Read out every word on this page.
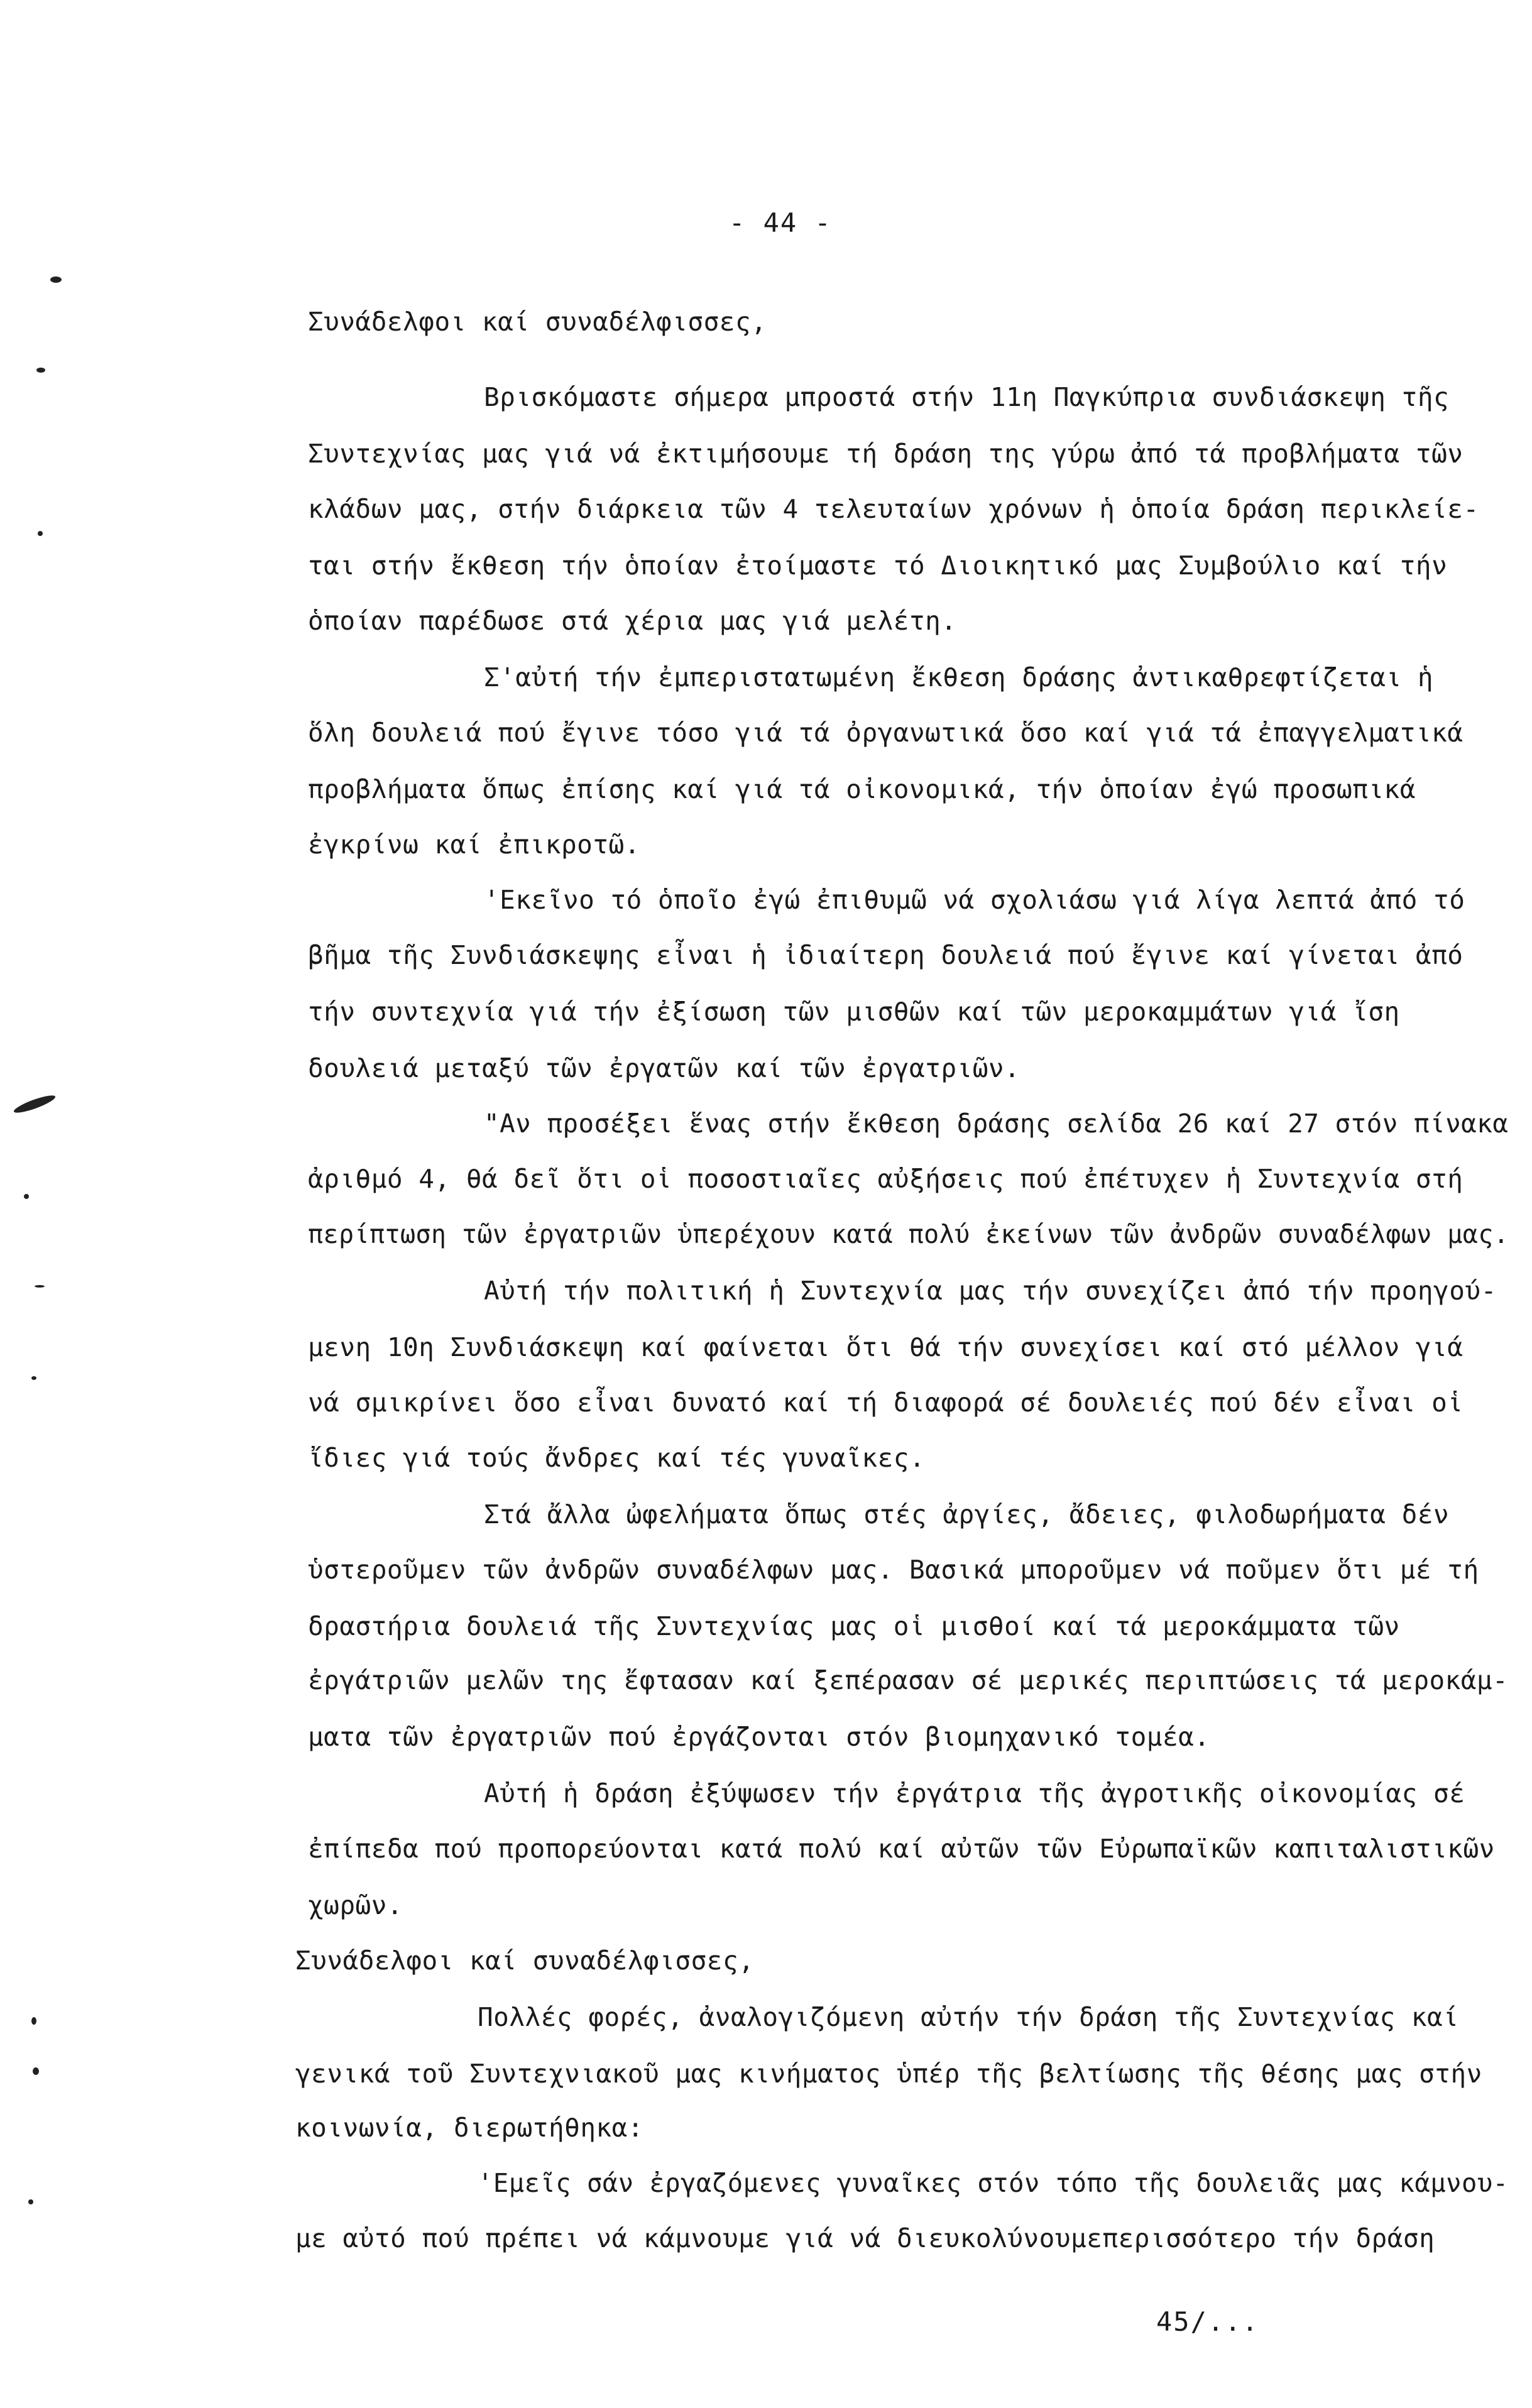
- 44 -
Συνάδελφοι καί συναδέλφισσες,
Βρισκόμαστε σήμερα μπροστά στήν 11η Παγκύπρια συνδιάσκεψη τῆς
Συντεχνίας μας γιά νά ἐκτιμήσουμε τή δράση της γύρω ἀπό τά προβλήματα τῶν
κλάδων μας, στήν διάρκεια τῶν 4 τελευταίων χρόνων ἡ ὁποία δράση περικλείε-
ται στήν ἔκθεση τήν ὁποίαν ἐτοίμαστε τό Διοικητικό μας Συμβούλιο καί τήν
ὁποίαν παρέδωσε στά χέρια μας γιά μελέτη.
Σ'αὐτή τήν ἐμπεριστατωμένη ἔκθεση δράσης ἀντικαθρεφτίζεται ἡ
ὅλη δουλειά πού ἔγινε τόσο γιά τά ὀργανωτικά ὅσο καί γιά τά ἐπαγγελματικά
προβλήματα ὅπως ἐπίσης καί γιά τά οἰκονομικά, τήν ὁποίαν ἐγώ προσωπικά
ἐγκρίνω καί ἐπικροτῶ.
'Εκεῖνο τό ὁποῖο ἐγώ ἐπιθυμῶ νά σχολιάσω γιά λίγα λεπτά ἀπό τό
βῆμα τῆς Συνδιάσκεψης εἶναι ἡ ἰδιαίτερη δουλειά πού ἔγινε καί γίνεται ἀπό
τήν συντεχνία γιά τήν ἐξίσωση τῶν μισθῶν καί τῶν μεροκαμμάτων γιά ἴση
δουλειά μεταξύ τῶν ἐργατῶν καί τῶν ἐργατριῶν.
"Αν προσέξει ἕνας στήν ἔκθεση δράσης σελίδα 26 καί 27 στόν πίνακα
ἀριθμό 4, θά δεῖ ὅτι οἱ ποσοστιαῖες αὐξήσεις πού ἐπέτυχεν ἡ Συντεχνία στή
περίπτωση τῶν ἐργατριῶν ὑπερέχουν κατά πολύ ἐκείνων τῶν ἀνδρῶν συναδέλφων μας.
Αὐτή τήν πολιτική ἡ Συντεχνία μας τήν συνεχίζει ἀπό τήν προηγού-
μενη 10η Συνδιάσκεψη καί φαίνεται ὅτι θά τήν συνεχίσει καί στό μέλλον γιά
νά σμικρίνει ὅσο εἶναι δυνατό καί τή διαφορά σέ δουλειές πού δέν εἶναι οἱ
ἴδιες γιά τούς ἄνδρες καί τές γυναῖκες.
Στά ἄλλα ὠφελήματα ὅπως στές ἀργίες, ἄδειες, φιλοδωρήματα δέν
ὑστεροῦμεν τῶν ἀνδρῶν συναδέλφων μας. Βασικά μποροῦμεν νά ποῦμεν ὅτι μέ τή
δραστήρια δουλειά τῆς Συντεχνίας μας οἱ μισθοί καί τά μεροκάμματα τῶν
ἐργάτριῶν μελῶν της ἔφτασαν καί ξεπέρασαν σέ μερικές περιπτώσεις τά μεροκάμ-
ματα τῶν ἐργατριῶν πού ἐργάζονται στόν βιομηχανικό τομέα.
Αὐτή ἡ δράση ἐξύψωσεν τήν ἐργάτρια τῆς ἀγροτικῆς οἰκονομίας σέ
ἐπίπεδα πού προπορεύονται κατά πολύ καί αὐτῶν τῶν Εὐρωπαϊκῶν καπιταλιστικῶν
χωρῶν.
Συνάδελφοι καί συναδέλφισσες,
Πολλές φορές, ἀναλογιζόμενη αὐτήν τήν δράση τῆς Συντεχνίας καί
γενικά τοῦ Συντεχνιακοῦ μας κινήματος ὑπέρ τῆς βελτίωσης τῆς θέσης μας στήν
κοινωνία, διερωτήθηκα:
'Εμεῖς σάν ἐργαζόμενες γυναῖκες στόν τόπο τῆς δουλειᾶς μας κάμνου-
με αὐτό πού πρέπει νά κάμνουμε γιά νά διευκολύνουμεπερισσότερο τήν δράση
45/...
